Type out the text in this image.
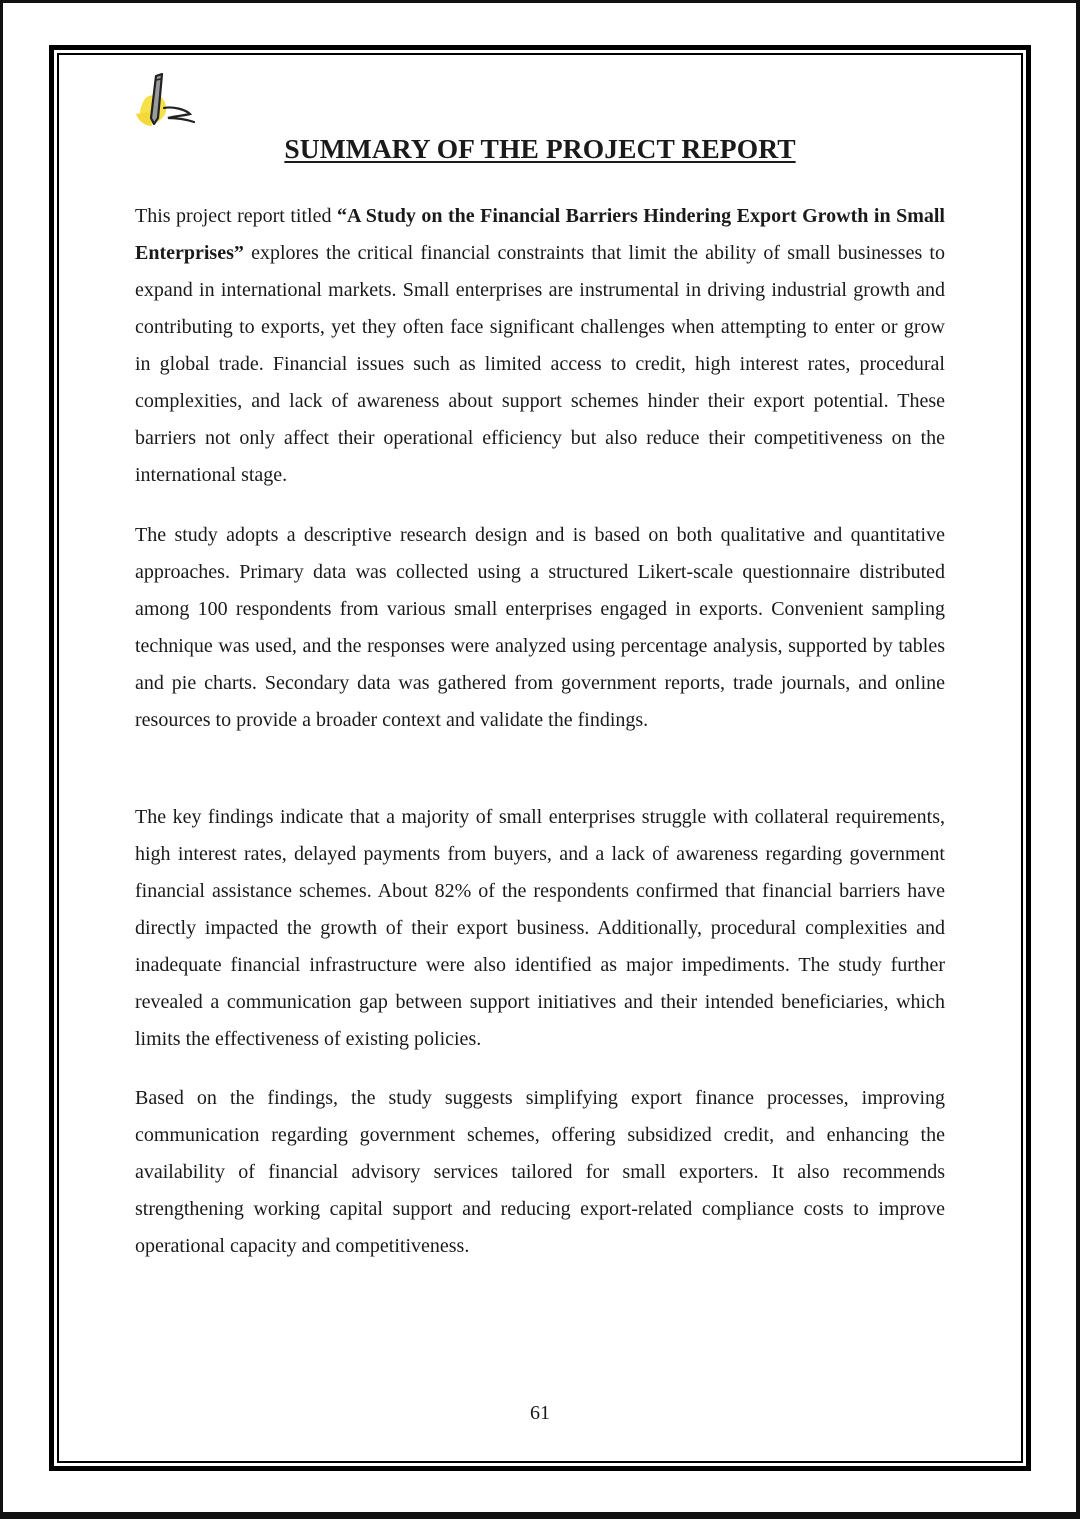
SUMMARY OF THE PROJECT REPORT

This project report titled “A Study on the Financial Barriers Hindering Export Growth in Small Enterprises” explores the critical financial constraints that limit the ability of small businesses to expand in international markets. Small enterprises are instrumental in driving industrial growth and contributing to exports, yet they often face significant challenges when attempting to enter or grow in global trade. Financial issues such as limited access to credit, high interest rates, procedural complexities, and lack of awareness about support schemes hinder their export potential. These barriers not only affect their operational efficiency but also reduce their competitiveness on the international stage.

The study adopts a descriptive research design and is based on both qualitative and quantitative approaches. Primary data was collected using a structured Likert-scale questionnaire distributed among 100 respondents from various small enterprises engaged in exports. Convenient sampling technique was used, and the responses were analyzed using percentage analysis, supported by tables and pie charts. Secondary data was gathered from government reports, trade journals, and online resources to provide a broader context and validate the findings.

The key findings indicate that a majority of small enterprises struggle with collateral requirements, high interest rates, delayed payments from buyers, and a lack of awareness regarding government financial assistance schemes. About 82% of the respondents confirmed that financial barriers have directly impacted the growth of their export business. Additionally, procedural complexities and inadequate financial infrastructure were also identified as major impediments. The study further revealed a communication gap between support initiatives and their intended beneficiaries, which limits the effectiveness of existing policies.

Based on the findings, the study suggests simplifying export finance processes, improving communication regarding government schemes, offering subsidized credit, and enhancing the availability of financial advisory services tailored for small exporters. It also recommends strengthening working capital support and reducing export-related compliance costs to improve operational capacity and competitiveness.

61
